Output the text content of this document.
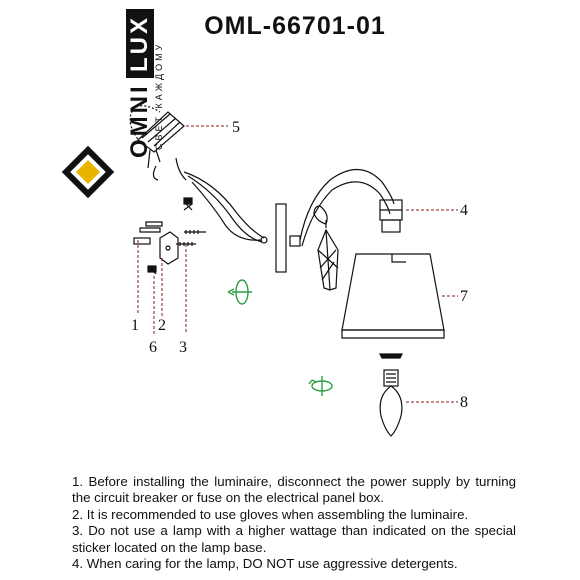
OMNI
LUX СВЕТ КАЖДОМУ
OML-66701-01
1 2
3
4
5
6
7
8

1. Before installing the luminaire, disconnect the power supply by turning the circuit breaker or fuse on the electrical panel box.

2. It is recommended to use gloves when assembling the luminaire.

3. Do not use a lamp with a higher wattage than indicated on the special sticker located on the lamp base.

4. When caring for the lamp, DO NOT use aggressive detergents.
